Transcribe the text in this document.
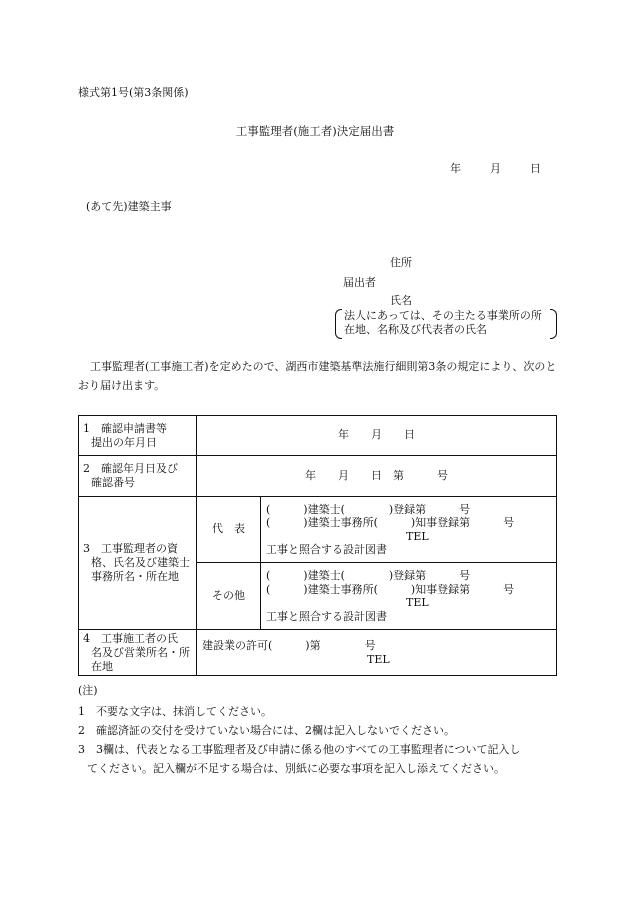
様式第1号(第3条関係)
工事監理者(施工者)決定届出書
年	月	日
(あて先)建築主事
住所
届出者
氏名
法人にあっては、その主たる事業所の所
在地、名称及び代表者の氏名
工事監理者(工事施工者)を定めたので、湖西市建築基準法施行細則第3条の規定により、次のとおり届け出ます。
1　確認申請書等
提出の年月日	年　　月　　日	

2　確認年月日及び
確認番号	年　　月　　日　第　　　号	

3　工事監理者の資
格、氏名及び建築士
事務所名・所在地	代　表	(　　　)建築士(　　　　)登録第　　　号
(　　　)建築士事務所(　　　)知事登録第　　　号
TEL
工事と照合する設計図書

	その他	(　　　)建築士(　　　　)登録第　　　号
(　　　)建築士事務所(　　　)知事登録第　　　号
TEL
工事と照合する設計図書

4　工事施工者の氏
名及び営業所名・所
在地	建設業の許可(　　　)第　　　　号
TEL	
(注)
1 不要な文字は、抹消してください。
2 確認済証の交付を受けていない場合には、2欄は記入しないでください。
3 3欄は、代表となる工事監理者及び申請に係る他のすべての工事監理者について記入し
てください。記入欄が不足する場合は、別紙に必要な事項を記入し添えてください。
